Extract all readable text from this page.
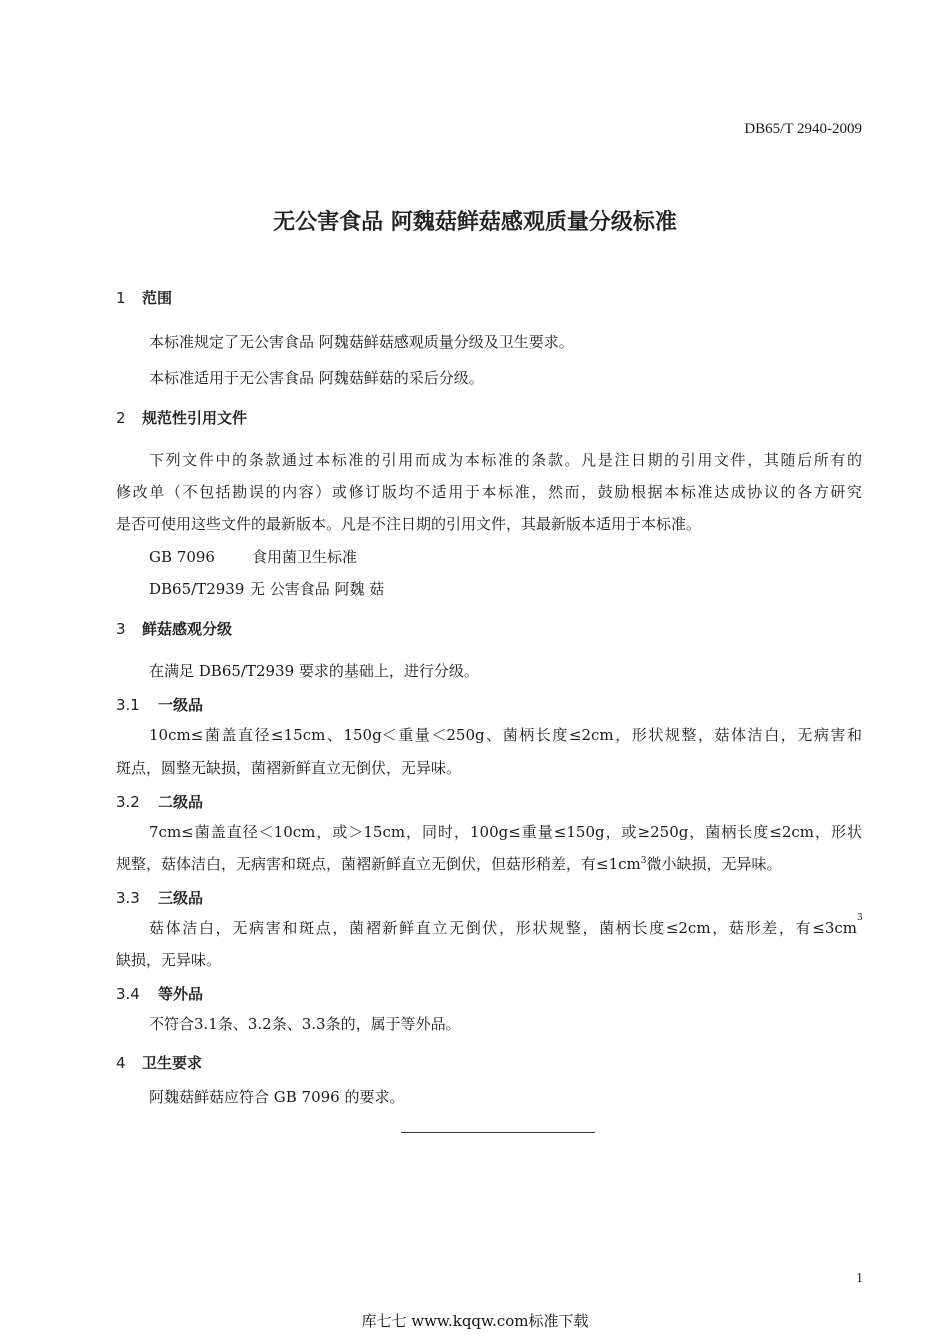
DB65/T 2940-2009
无公害食品 阿魏菇鲜菇感观质量分级标准
1 范围
本标准规定了无公害食品 阿魏菇鲜菇感观质量分级及卫生要求。
本标准适用于无公害食品 阿魏菇鲜菇的采后分级。
2 规范性引用文件
下列文件中的条款通过本标准的引用而成为本标准的条款。凡是注日期的引用文件，其随后所有的
修改单（不包括勘误的内容）或修订版均不适用于本标准，然而，鼓励根据本标准达成协议的各方研究
是否可使用这些文件的最新版本。凡是不注日期的引用文件，其最新版本适用于本标准。
GB 7096 食用菌卫生标准
DB65/T2939 无 公害食品 阿魏 菇
3 鲜菇感观分级
在满足 DB65/T2939 要求的基础上，进行分级。
3.1 一级品
10cm≤菌盖直径≤15cm、150g＜重量＜250g、菌柄长度≤2cm，形状规整，菇体洁白，无病害和
斑点，圆整无缺损，菌褶新鲜直立无倒伏，无异味。
3.2 二级品
7cm≤菌盖直径＜10cm，或＞15cm，同时，100g≤重量≤150g，或≥250g，菌柄长度≤2cm，形状
规整，菇体洁白，无病害和斑点，菌褶新鲜直立无倒伏，但菇形稍差，有$\le 1cm^3$微小缺损，无异味。
3.3 三级品
菇体洁白，无病害和斑点，菌褶新鲜直立无倒伏，形状规整，菌柄长度≤2cm，菇形差，有≤3cm
3
缺损，无异味。
3.4 等外品
不符合3.1条、3.2条、3.3条的，属于等外品。
4 卫生要求
阿魏菇鲜菇应符合 GB 7096 的要求。
1
库七七 www.kqqw.com标准下载
